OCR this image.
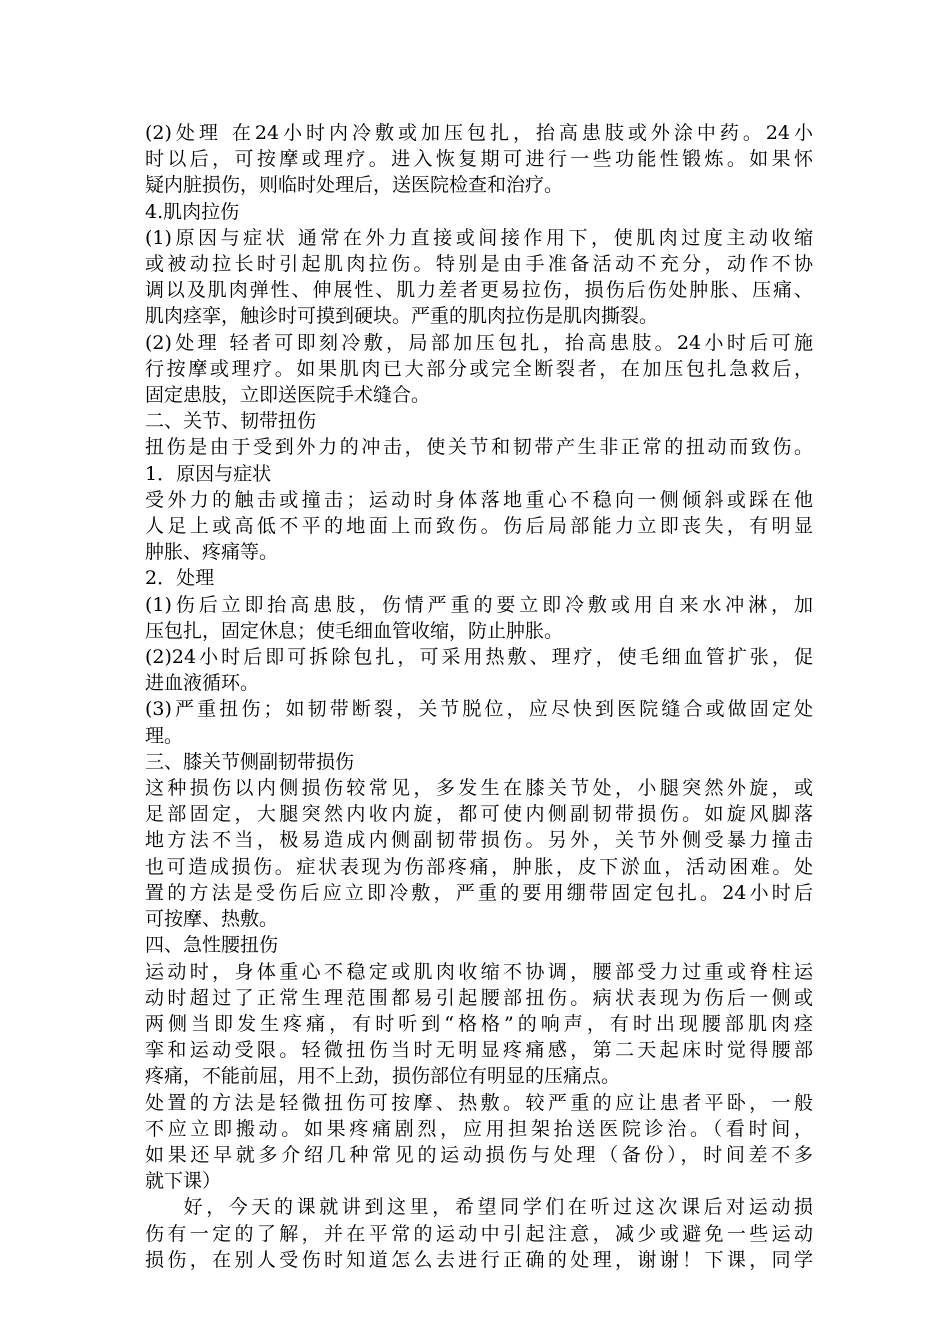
(2)处理 在24小时内冷敷或加压包扎，抬高患肢或外涂中药。24小
时以后，可按摩或理疗。进入恢复期可进行一些功能性锻炼。如果怀
疑内脏损伤，则临时处理后，送医院检查和治疗。
4.肌肉拉伤
(1)原因与症状 通常在外力直接或间接作用下，使肌肉过度主动收缩
或被动拉长时引起肌肉拉伤。特别是由手准备活动不充分，动作不协
调以及肌肉弹性、伸展性、肌力差者更易拉伤，损伤后伤处肿胀、压痛、
肌肉痉挛，触诊时可摸到硬块。严重的肌肉拉伤是肌肉撕裂。
(2)处理 轻者可即刻冷敷，局部加压包扎，抬高患肢。24小时后可施
行按摩或理疗。如果肌肉已大部分或完全断裂者，在加压包扎急救后，
固定患肢，立即送医院手术缝合。
二、关节、韧带扭伤
扭伤是由于受到外力的冲击，使关节和韧带产生非正常的扭动而致伤。
1．原因与症状
受外力的触击或撞击；运动时身体落地重心不稳向一侧倾斜或踩在他
人足上或高低不平的地面上而致伤。伤后局部能力立即丧失，有明显
肿胀、疼痛等。
2．处理
(1)伤后立即抬高患肢，伤情严重的要立即冷敷或用自来水冲淋，加
压包扎，固定休息；使毛细血管收缩，防止肿胀。
(2)24小时后即可拆除包扎，可采用热敷、理疗，使毛细血管扩张，促
进血液循环。
(3)严重扭伤；如韧带断裂，关节脱位，应尽快到医院缝合或做固定处
理。
三、膝关节侧副韧带损伤
这种损伤以内侧损伤较常见，多发生在膝关节处，小腿突然外旋，或
足部固定，大腿突然内收内旋，都可使内侧副韧带损伤。如旋风脚落
地方法不当，极易造成内侧副韧带损伤。另外，关节外侧受暴力撞击
也可造成损伤。症状表现为伤部疼痛，肿胀，皮下淤血，活动困难。处
置的方法是受伤后应立即冷敷，严重的要用绷带固定包扎。24小时后
可按摩、热敷。
四、急性腰扭伤
运动时，身体重心不稳定或肌肉收缩不协调，腰部受力过重或脊柱运
动时超过了正常生理范围都易引起腰部扭伤。病状表现为伤后一侧或
两侧当即发生疼痛，有时听到“格格”的响声，有时出现腰部肌肉痉
挛和运动受限。轻微扭伤当时无明显疼痛感，第二天起床时觉得腰部
疼痛，不能前屈，用不上劲，损伤部位有明显的压痛点。
处置的方法是轻微扭伤可按摩、热敷。较严重的应让患者平卧，一般
不应立即搬动。如果疼痛剧烈，应用担架抬送医院诊治。（看时间，
如果还早就多介绍几种常见的运动损伤与处理（备份），时间差不多
就下课）
好，今天的课就讲到这里，希望同学们在听过这次课后对运动损
伤有一定的了解，并在平常的运动中引起注意，减少或避免一些运动
损伤，在别人受伤时知道怎么去进行正确的处理，谢谢！下课，同学
